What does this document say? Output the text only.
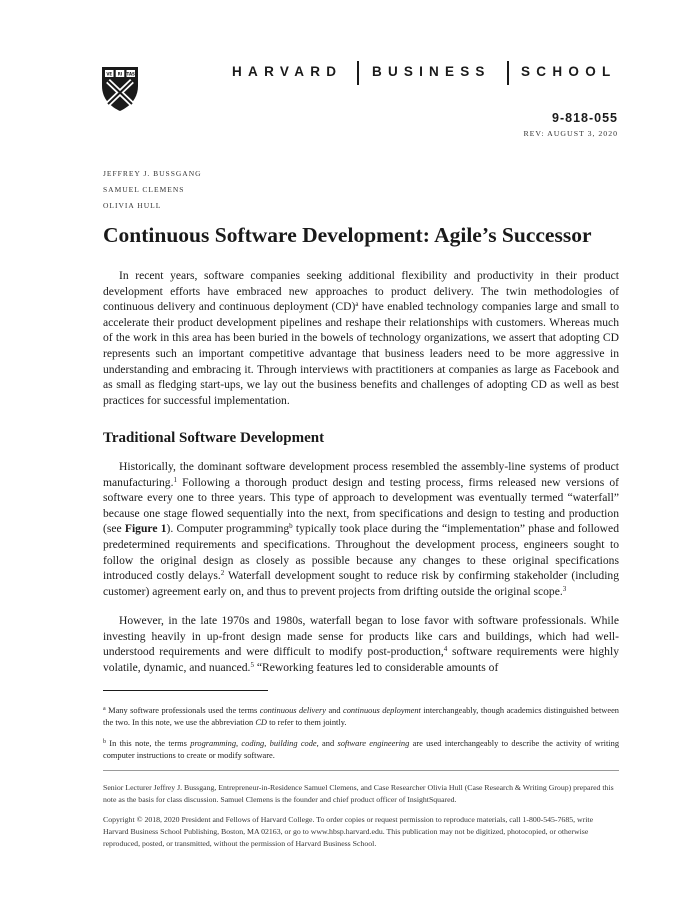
VE RI TAS	HARVARD BUSINESS SCHOOL
9-818-055
REV: AUGUST 3, 2020
JEFFREY J. BUSSGANG
SAMUEL CLEMENS
OLIVIA HULL
Continuous Software Development: Agile’s Successor

In recent years, software companies seeking additional flexibility and productivity in their product development efforts have embraced new approaches to product delivery. The twin methodologies of continuous delivery and continuous deployment (CD)$^a$ have enabled technology companies large and small to accelerate their product development pipelines and reshape their relationships with customers. Whereas much of the work in this area has been buried in the bowels of technology organizations, we assert that adopting CD represents such an important competitive advantage that business leaders need to be more aggressive in understanding and embracing it. Through interviews with practitioners at companies as large as Facebook and as small as fledging start-ups, we lay out the business benefits and challenges of adopting CD as well as best practices for successful implementation.

Traditional Software Development

Historically, the dominant software development process resembled the assembly-line systems of product manufacturing.$^1$ Following a thorough product design and testing process, firms released new versions of software every one to three years. This type of approach to development was eventually termed “waterfall” because one stage flowed sequentially into the next, from specifications and design to testing and production (see Figure 1). Computer programming$^b$ typically took place during the “implementation” phase and followed predetermined requirements and specifications. Throughout the development process, engineers sought to follow the original design as closely as possible because any changes to these original specifications introduced costly delays.$^2$ Waterfall development sought to reduce risk by confirming stakeholder (including customer) agreement early on, and thus to prevent projects from drifting outside the original scope.$^3$

However, in the late 1970s and 1980s, waterfall began to lose favor with software professionals. While investing heavily in up-front design made sense for products like cars and buildings, which had well-understood requirements and were difficult to modify post-production,$^4$ software requirements were highly volatile, dynamic, and nuanced.$^5$ “Reworking features led to considerable amounts of

$^a$ Many software professionals used the terms continuous delivery and continuous deployment interchangeably, though academics distinguished between the two. In this note, we use the abbreviation CD to refer to them jointly.

$^b$ In this note, the terms programming, coding, building code, and software engineering are used interchangeably to describe the activity of writing computer instructions to create or modify software.

Senior Lecturer Jeffrey J. Bussgang, Entrepreneur-in-Residence Samuel Clemens, and Case Researcher Olivia Hull (Case Research & Writing Group) prepared this note as the basis for class discussion. Samuel Clemens is the founder and chief product officer of InsightSquared.

Copyright © 2018, 2020 President and Fellows of Harvard College. To order copies or request permission to reproduce materials, call 1-800-545-7685, write Harvard Business School Publishing, Boston, MA 02163, or go to www.hbsp.harvard.edu. This publication may not be digitized, photocopied, or otherwise reproduced, posted, or transmitted, without the permission of Harvard Business School.
